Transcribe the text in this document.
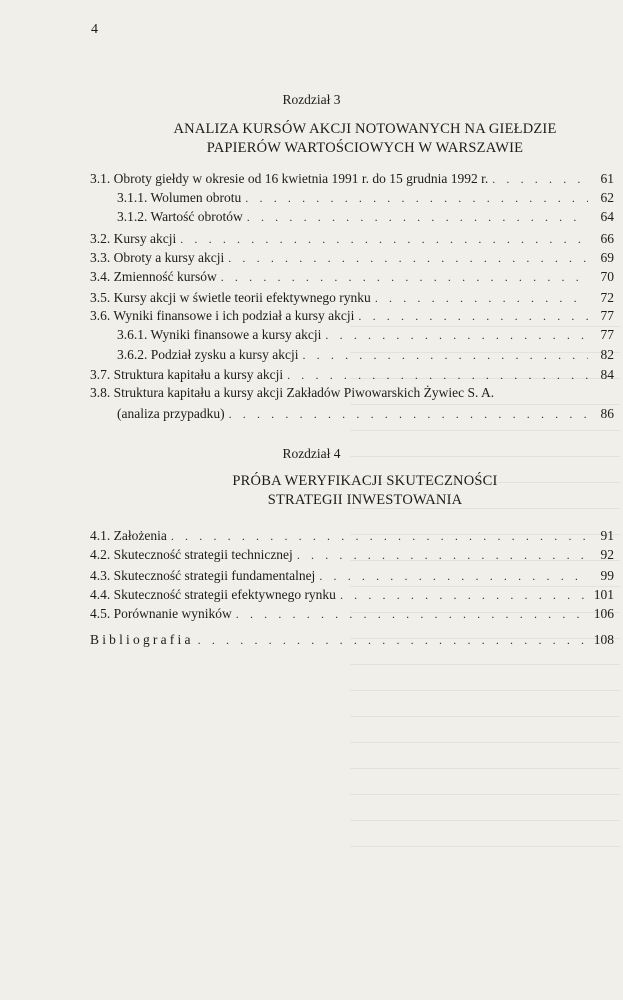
4
Rozdział 3
ANALIZA KURSÓW AKCJI NOTOWANYCH NA GIEŁDZIE
PAPIERÓW WARTOŚCIOWYCH W WARSZAWIE
3.1. Obroty giełdy w okresie od 16 kwietnia 1991 r. do 15 grudnia 1992 r. . . .	61
3.1.1. Wolumen obrotu . . .	62
3.1.2. Wartość obrotów . . .	64
3.2. Kursy akcji . . .	66
3.3. Obroty a kursy akcji . . .	69
3.4. Zmienność kursów . . .	70
3.5. Kursy akcji w świetle teorii efektywnego rynku . . .	72
3.6. Wyniki finansowe i ich podział a kursy akcji . . .	77
3.6.1. Wyniki finansowe a kursy akcji . . .	77
3.6.2. Podział zysku a kursy akcji . . .	82
3.7. Struktura kapitału a kursy akcji . . .	84
3.8. Struktura kapitału a kursy akcji Zakładów Piwowarskich Żywiec S. A.
(analiza przypadku) . . .	86
Rozdział 4
PRÓBA WERYFIKACJI SKUTECZNOŚCI
STRATEGII INWESTOWANIA
4.1. Założenia . . .	91
4.2. Skuteczność strategii technicznej . . .	92
4.3. Skuteczność strategii fundamentalnej . . .	99
4.4. Skuteczność strategii efektywnego rynku . . .	101
4.5. Porównanie wyników . . .	106
Bibliografia . . .	108
